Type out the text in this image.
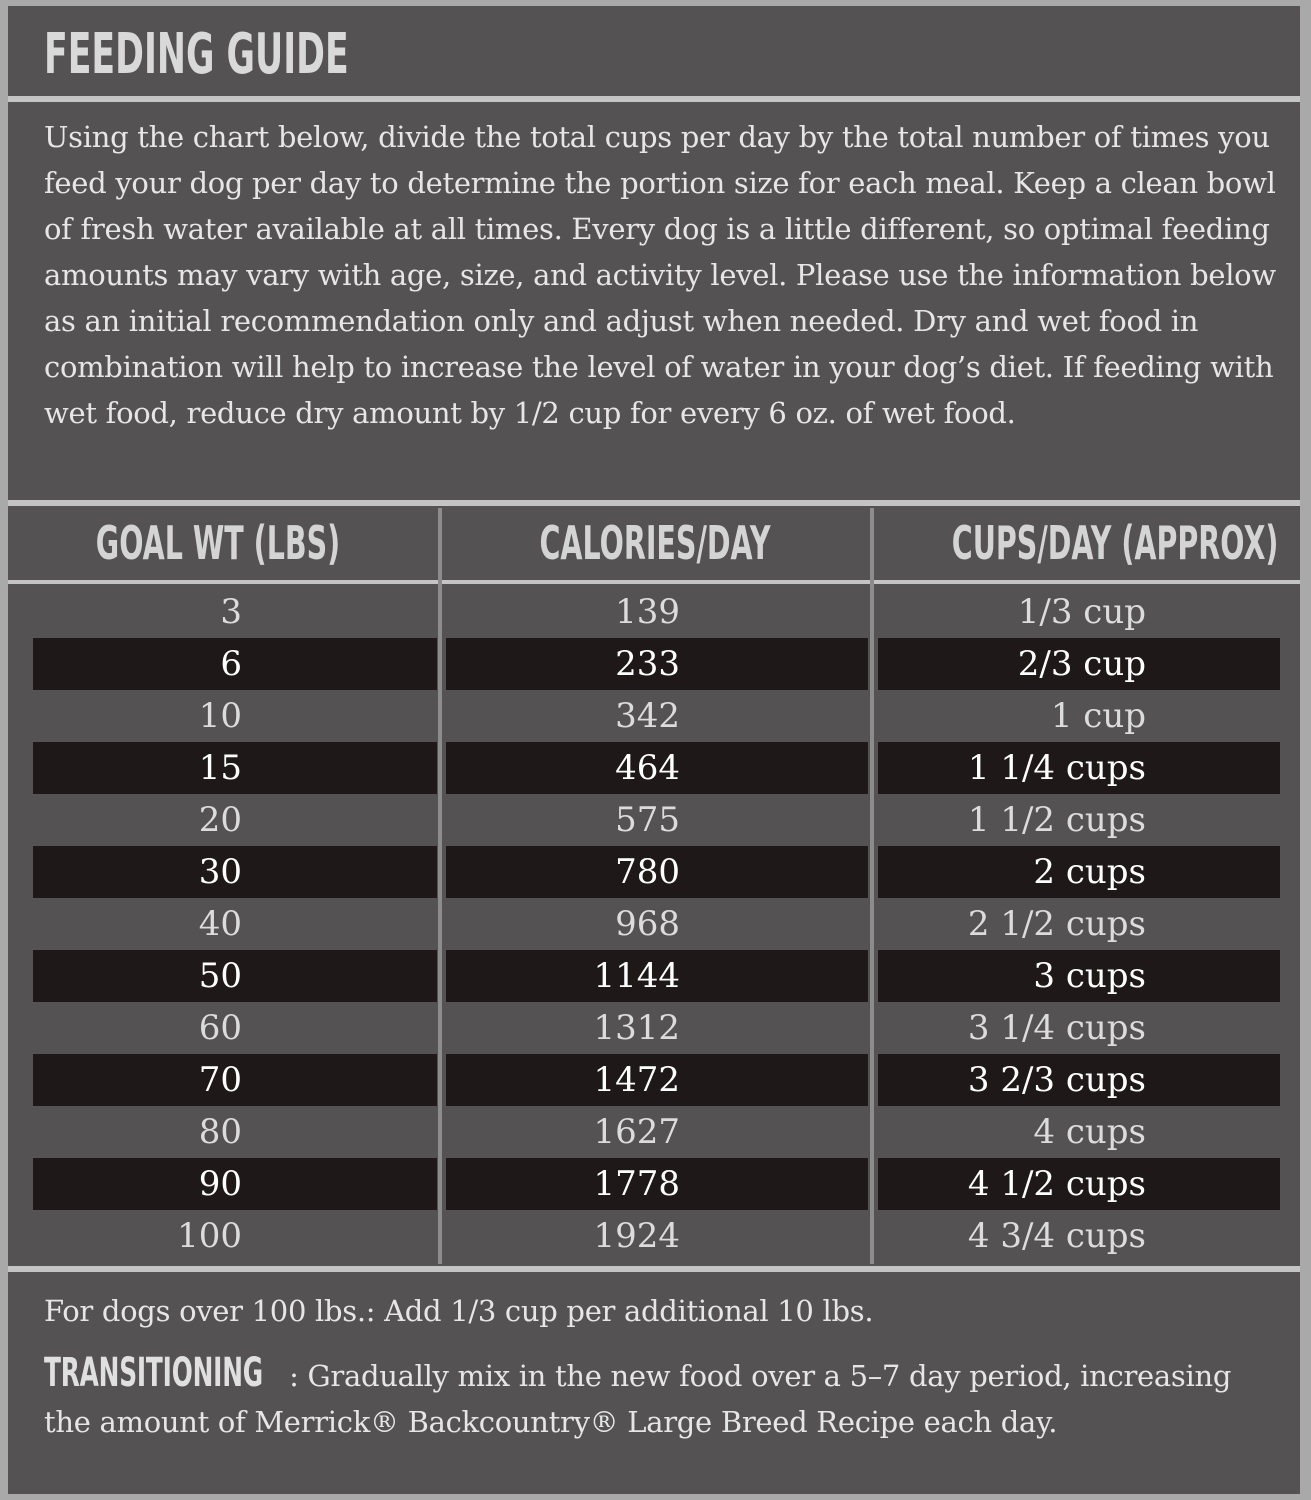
FEEDING GUIDE

Using the chart below, divide the total cups per day by the total number of times you feed your dog per day to determine the portion size for each meal. Keep a clean bowl of fresh water available at all times. Every dog is a little different, so optimal feeding amounts may vary with age, size, and activity level. Please use the information below as an initial recommendation only and adjust when needed. Dry and wet food in combination will help to increase the level of water in your dog’s diet. If feeding with wet food, reduce dry amount by 1/2 cup for every 6 oz. of wet food.

GOAL WT (LBS)	CALORIES/DAY	CUPS/DAY (APPROX)
3	139	1/3 cup
6	233	2/3 cup
10	342	1 cup
15	464	1 1/4 cups
20	575	1 1/2 cups
30	780	2 cups
40	968	2 1/2 cups
50	1144	3 cups
60	1312	3 1/4 cups
70	1472	3 2/3 cups
80	1627	4 cups
90	1778	4 1/2 cups
100	1924	4 3/4 cups

For dogs over 100 lbs.: Add 1/3 cup per additional 10 lbs.

TRANSITIONING : Gradually mix in the new food over a 5–7 day period, increasing the amount of Merrick® Backcountry® Large Breed Recipe each day.
